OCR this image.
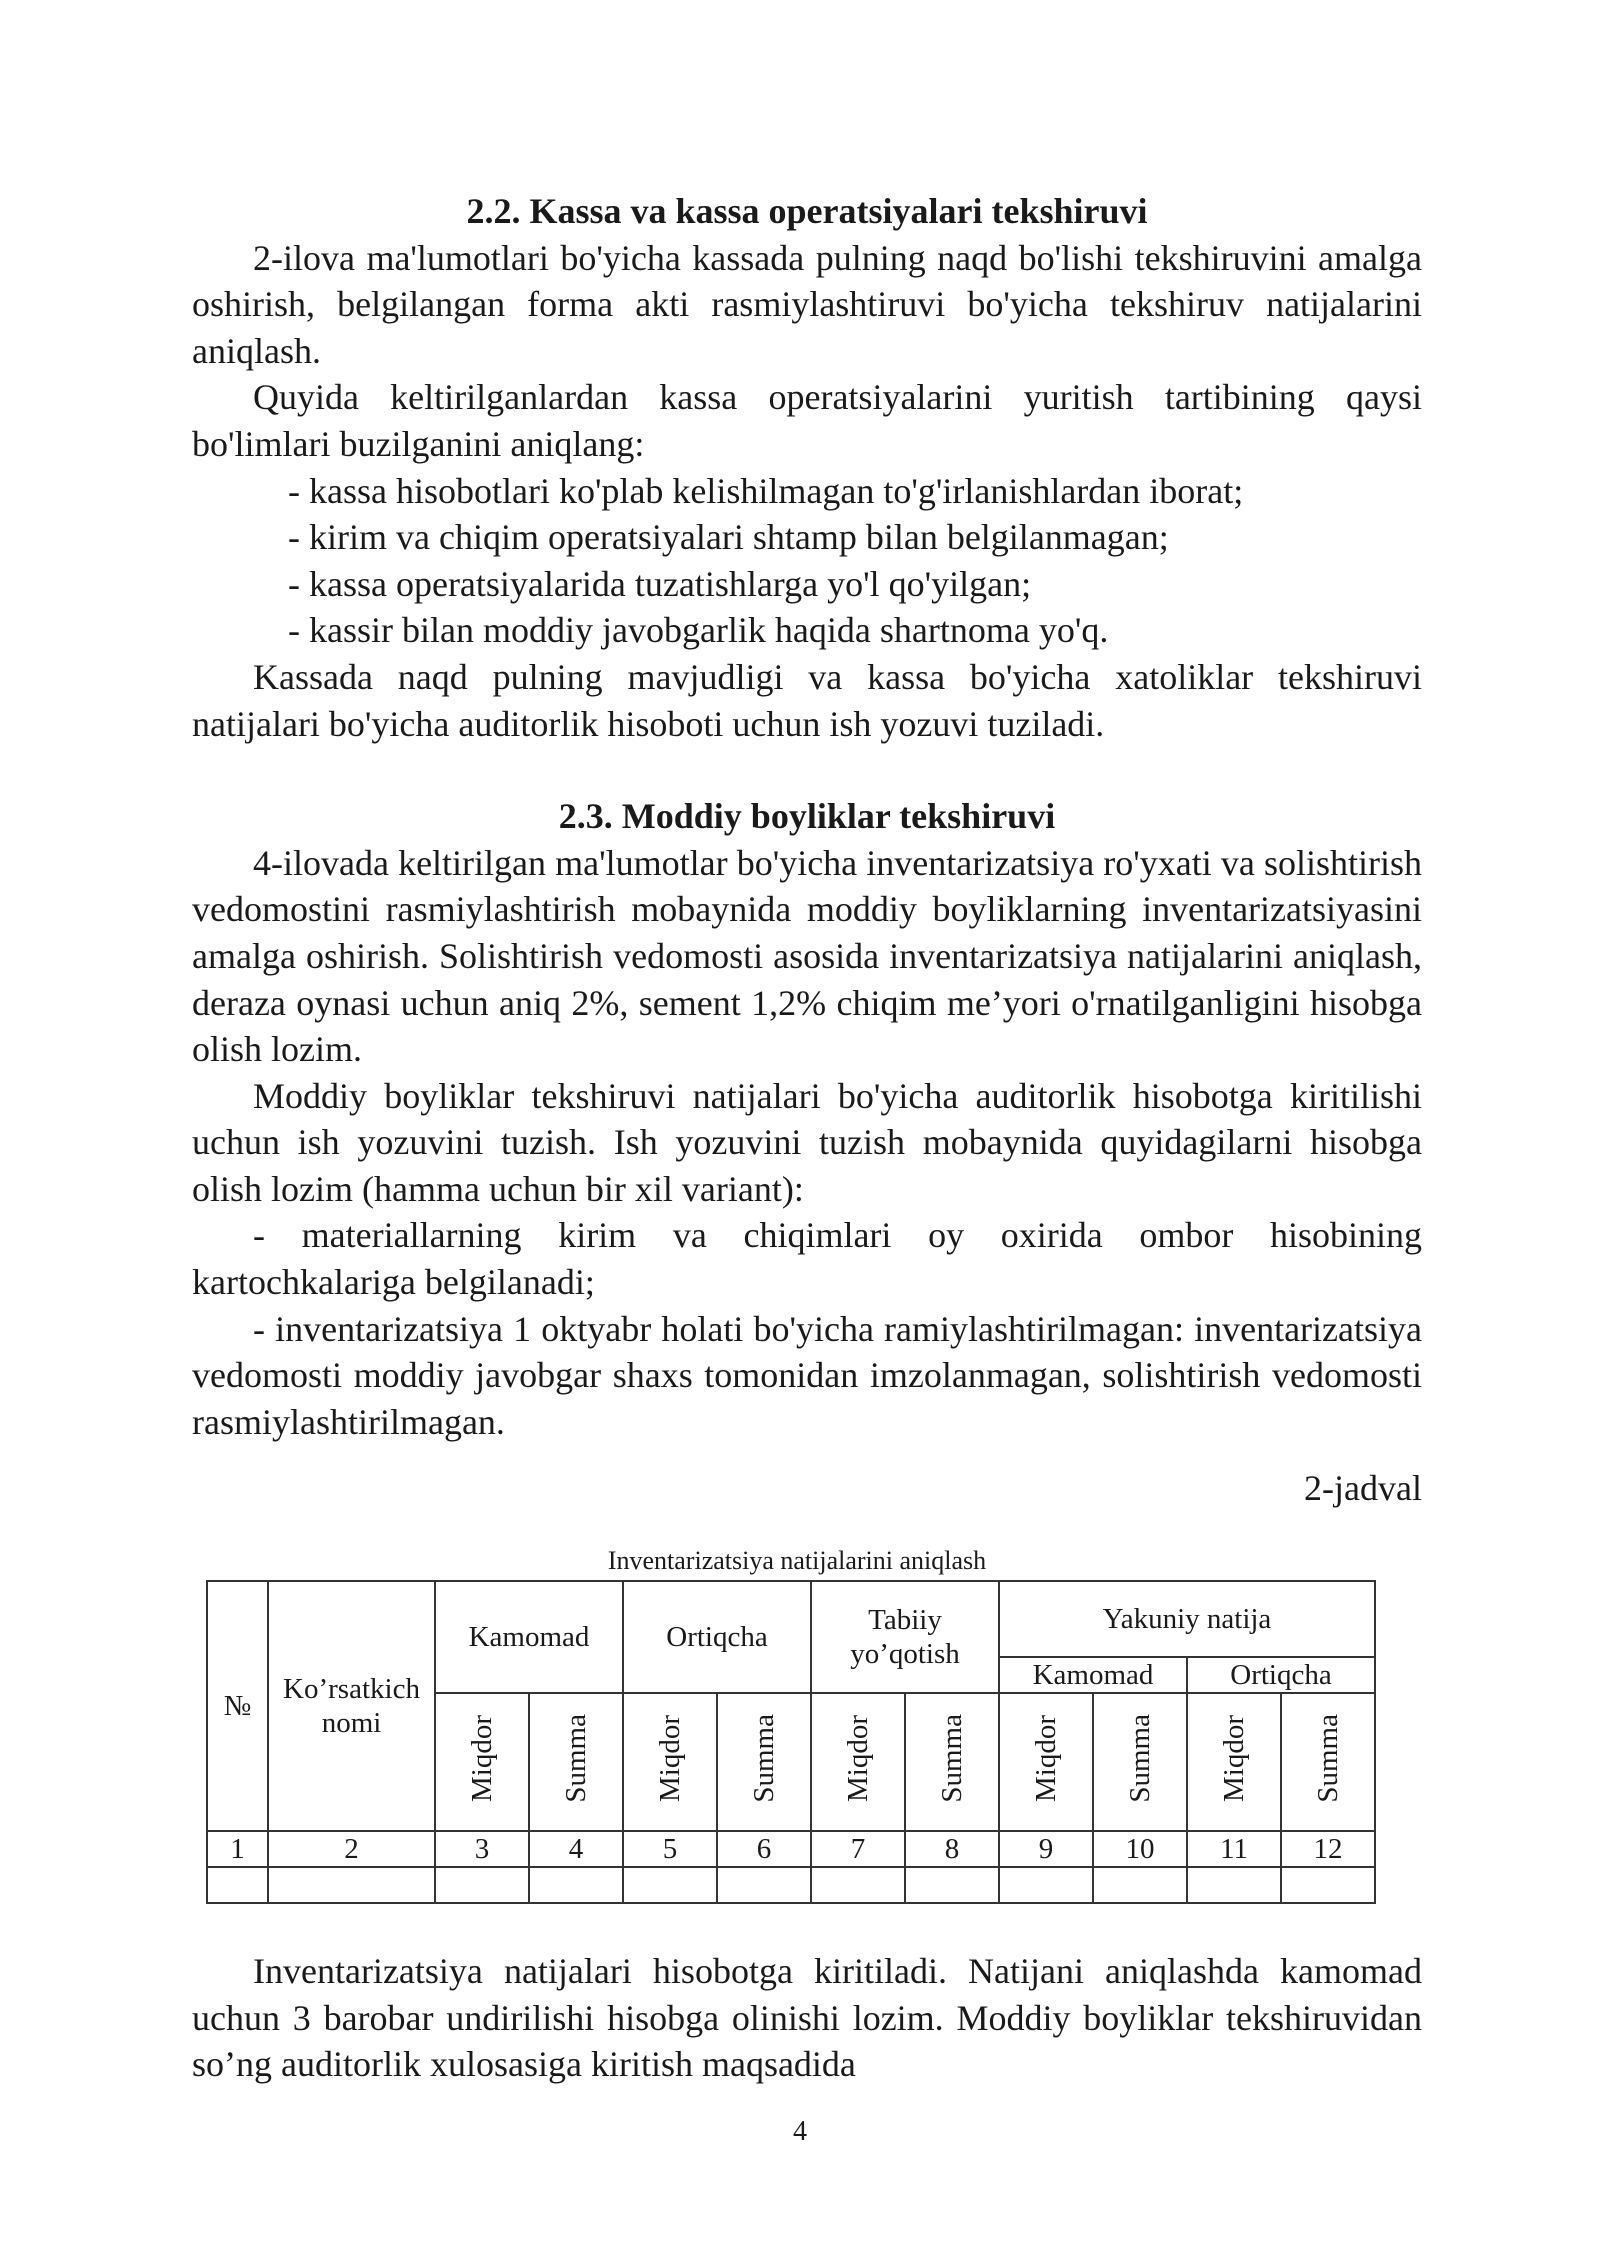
2.2. Kassa va kassa operatsiyalari tekshiruvi

2-ilova ma'lumotlari bo'yicha kassada pulning naqd bo'lishi tekshiruvini amalga oshirish, belgilangan forma akti rasmiylashtiruvi bo'yicha tekshiruv natijalarini aniqlash.

Quyida keltirilganlardan kassa operatsiyalarini yuritish tartibining qaysi bo'limlari buzilganini aniqlang:

- kassa hisobotlari ko'plab kelishilmagan to'g'irlanishlardan iborat;

- kirim va chiqim operatsiyalari shtamp bilan belgilanmagan;

- kassa operatsiyalarida tuzatishlarga yo'l qo'yilgan;

- kassir bilan moddiy javobgarlik haqida shartnoma yo'q.

Kassada naqd pulning mavjudligi va kassa bo'yicha xatoliklar tekshiruvi natijalari bo'yicha auditorlik hisoboti uchun ish yozuvi tuziladi.

2.3. Moddiy boyliklar tekshiruvi

4-ilovada keltirilgan ma'lumotlar bo'yicha inventarizatsiya ro'yxati va solishtirish vedomostini rasmiylashtirish mobaynida moddiy boyliklarning inventarizatsiyasini amalga oshirish. Solishtirish vedomosti asosida inventarizatsiya natijalarini aniqlash, deraza oynasi uchun aniq 2%, sement 1,2% chiqim me’yori o'rnatilganligini hisobga olish lozim.

Moddiy boyliklar tekshiruvi natijalari bo'yicha auditorlik hisobotga kiritilishi uchun ish yozuvini tuzish. Ish yozuvini tuzish mobaynida quyidagilarni hisobga olish lozim (hamma uchun bir xil variant):

- materiallarning kirim va chiqimlari oy oxirida ombor hisobining kartochkalariga belgilanadi;

- inventarizatsiya 1 oktyabr holati bo'yicha ramiylashtirilmagan: inventarizatsiya vedomosti moddiy javobgar shaxs tomonidan imzolanmagan, solishtirish vedomosti rasmiylashtirilmagan.

2-jadval

Inventarizatsiya natijalarini aniqlash
№	Ko’rsatkich nomi	Kamomad		Ortiqcha		Tabiiy yo’qotish		Yakuniy natija			
								Kamomad		Ortiqcha	
		Miqdor	Summa	Miqdor	Summa	Miqdor	Summa	Miqdor	Summa	Miqdor	Summa
1	2	3	4	5	6	7	8	9	10	11	12

Inventarizatsiya natijalari hisobotga kiritiladi. Natijani aniqlashda kamomad uchun 3 barobar undirilishi hisobga olinishi lozim. Moddiy boyliklar tekshiruvidan so’ng auditorlik xulosasiga kiritish maqsadida

4
